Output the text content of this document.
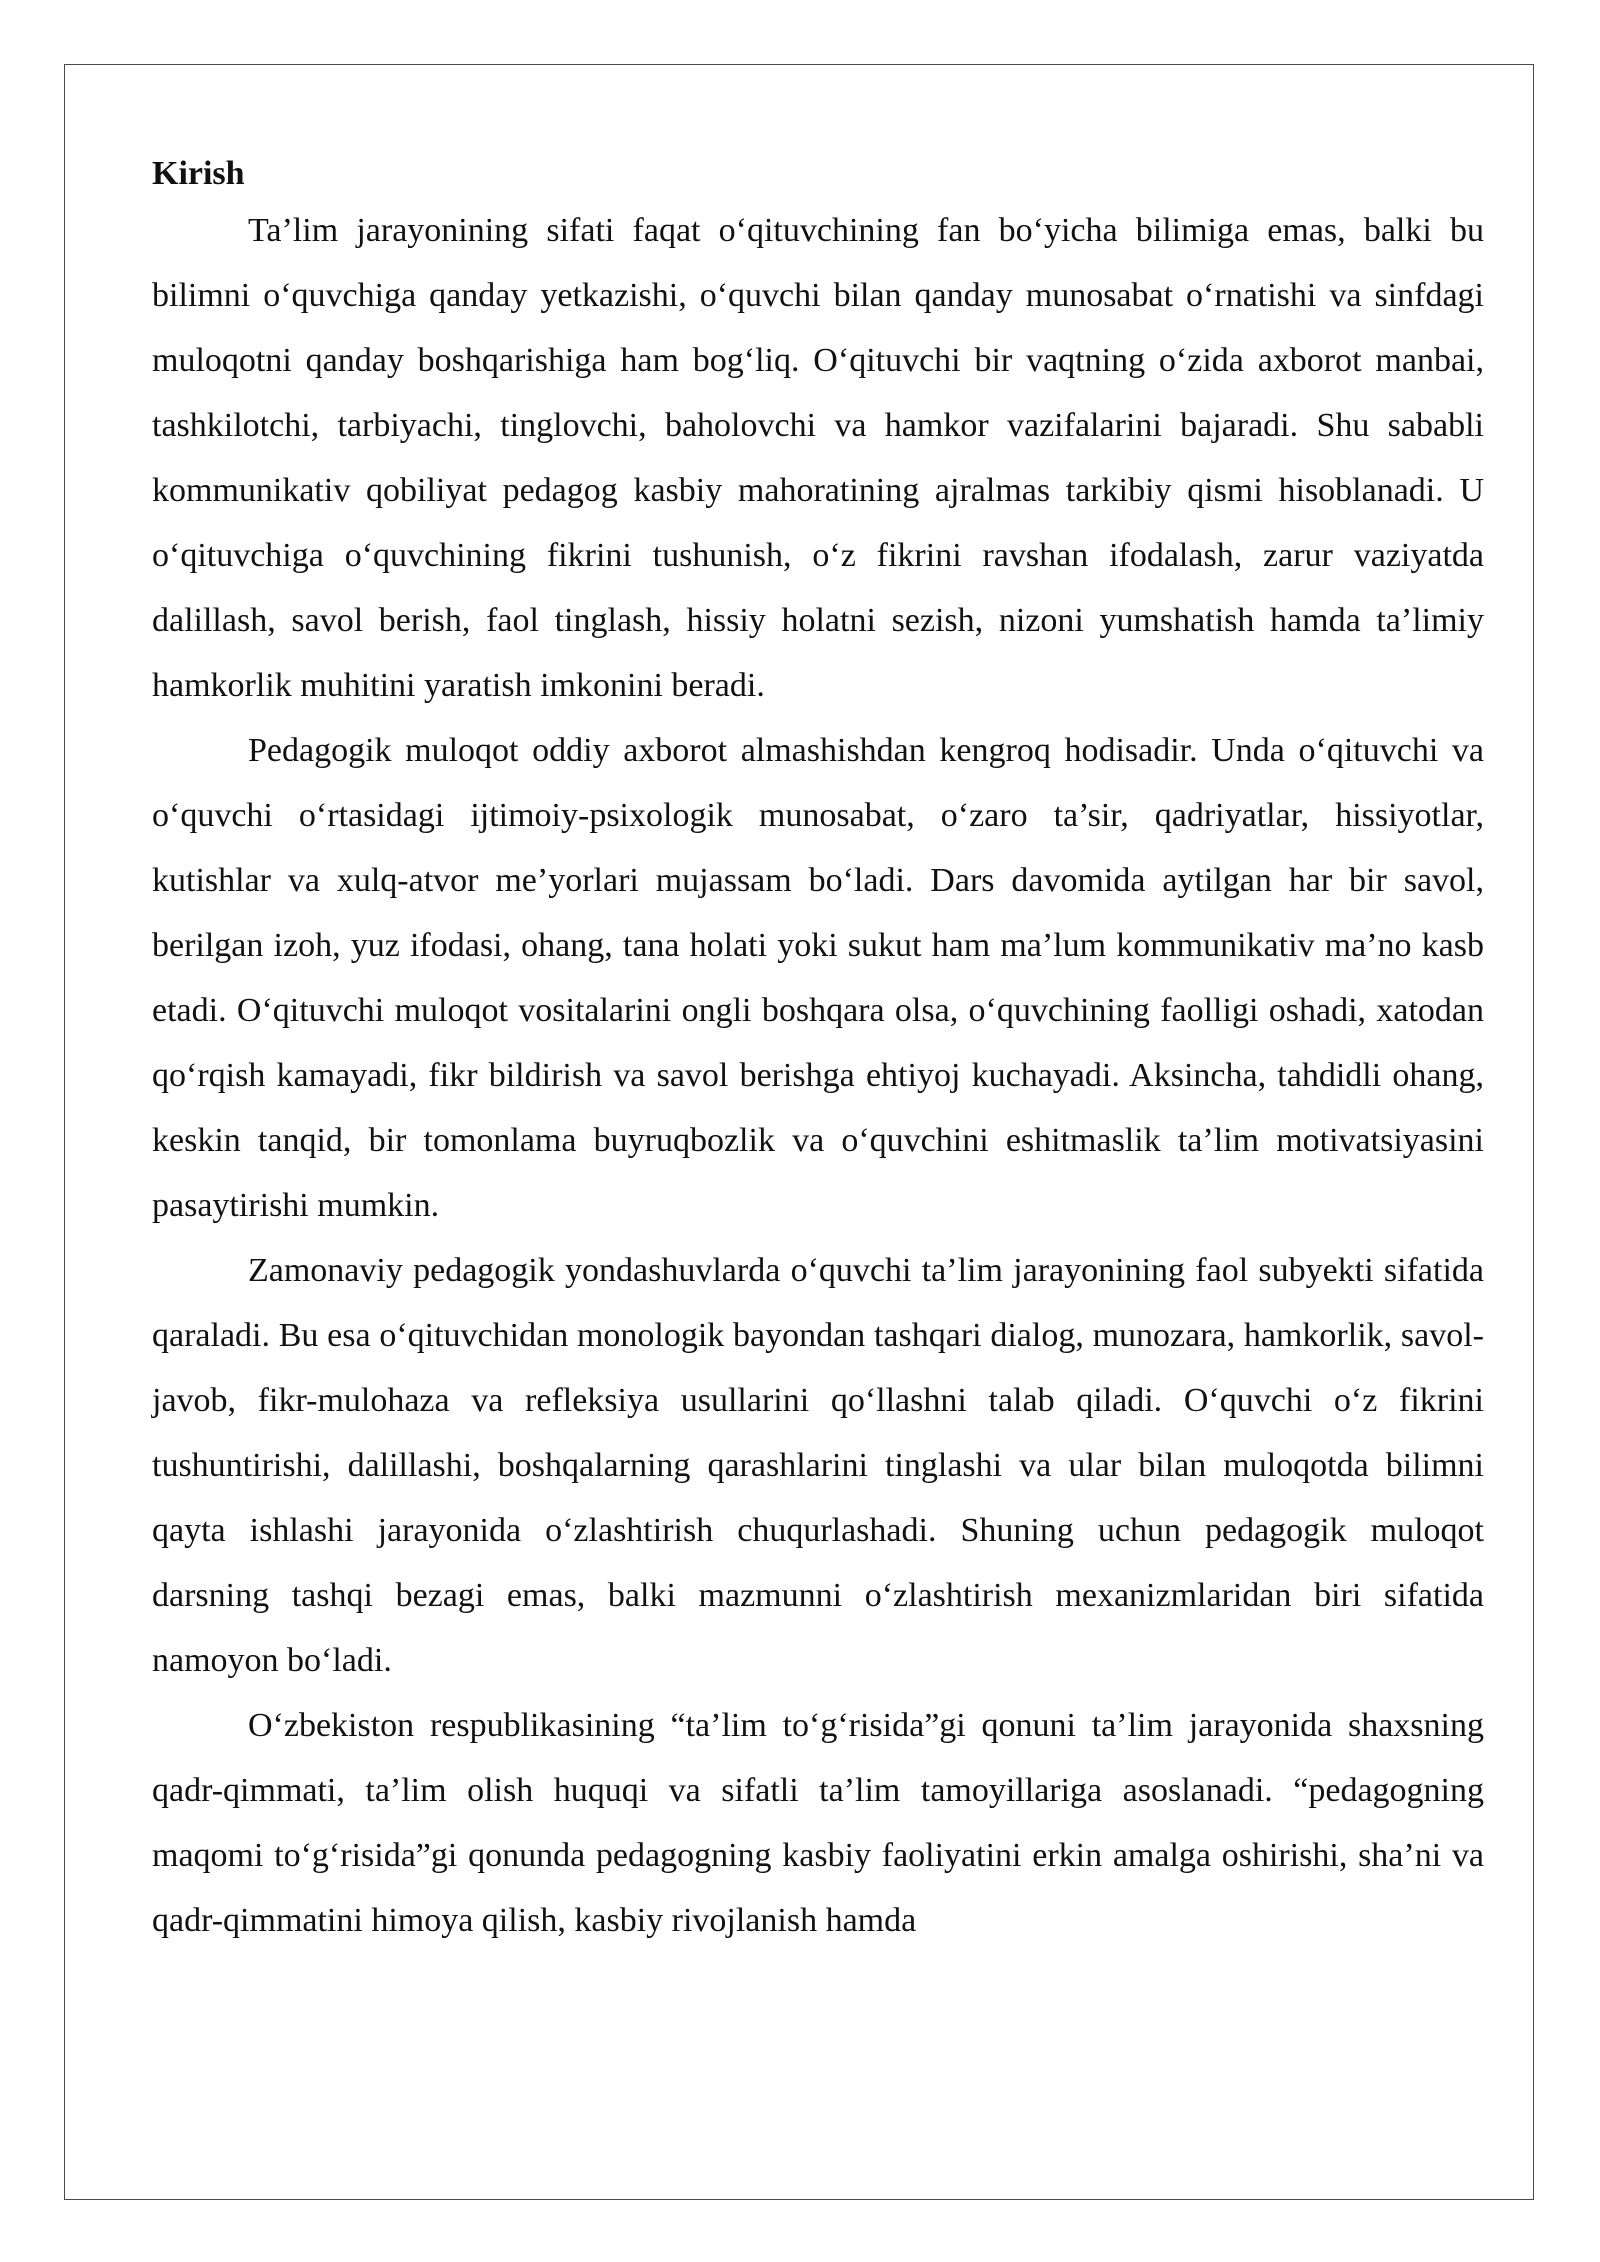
Kirish

Ta’lim jarayonining sifati faqat o‘qituvchining fan bo‘yicha bilimiga emas, balki bu bilimni o‘quvchiga qanday yetkazishi, o‘quvchi bilan qanday munosabat o‘rnatishi va sinfdagi muloqotni qanday boshqarishiga ham bog‘liq. O‘qituvchi bir vaqtning o‘zida axborot manbai, tashkilotchi, tarbiyachi, tinglovchi, baholovchi va hamkor vazifalarini bajaradi. Shu sababli kommunikativ qobiliyat pedagog kasbiy mahoratining ajralmas tarkibiy qismi hisoblanadi. U o‘qituvchiga o‘quvchining fikrini tushunish, o‘z fikrini ravshan ifodalash, zarur vaziyatda dalillash, savol berish, faol tinglash, hissiy holatni sezish, nizoni yumshatish hamda ta’limiy hamkorlik muhitini yaratish imkonini beradi.

Pedagogik muloqot oddiy axborot almashishdan kengroq hodisadir. Unda o‘qituvchi va o‘quvchi o‘rtasidagi ijtimoiy-psixologik munosabat, o‘zaro ta’sir, qadriyatlar, hissiyotlar, kutishlar va xulq-atvor me’yorlari mujassam bo‘ladi. Dars davomida aytilgan har bir savol, berilgan izoh, yuz ifodasi, ohang, tana holati yoki sukut ham ma’lum kommunikativ ma’no kasb etadi. O‘qituvchi muloqot vositalarini ongli boshqara olsa, o‘quvchining faolligi oshadi, xatodan qo‘rqish kamayadi, fikr bildirish va savol berishga ehtiyoj kuchayadi. Aksincha, tahdidli ohang, keskin tanqid, bir tomonlama buyruqbozlik va o‘quvchini eshitmaslik ta’lim motivatsiyasini pasaytirishi mumkin.

Zamonaviy pedagogik yondashuvlarda o‘quvchi ta’lim jarayonining faol subyekti sifatida qaraladi. Bu esa o‘qituvchidan monologik bayondan tashqari dialog, munozara, hamkorlik, savol-javob, fikr-mulohaza va refleksiya usullarini qo‘llashni talab qiladi. O‘quvchi o‘z fikrini tushuntirishi, dalillashi, boshqalarning qarashlarini tinglashi va ular bilan muloqotda bilimni qayta ishlashi jarayonida o‘zlashtirish chuqurlashadi. Shuning uchun pedagogik muloqot darsning tashqi bezagi emas, balki mazmunni o‘zlashtirish mexanizmlaridan biri sifatida namoyon bo‘ladi.

O‘zbekiston respublikasining “ta’lim to‘g‘risida”gi qonuni ta’lim jarayonida shaxsning qadr-qimmati, ta’lim olish huquqi va sifatli ta’lim tamoyillariga asoslanadi. “pedagogning maqomi to‘g‘risida”gi qonunda pedagogning kasbiy faoliyatini erkin amalga oshirishi, sha’ni va qadr-qimmatini himoya qilish, kasbiy rivojlanish hamda
